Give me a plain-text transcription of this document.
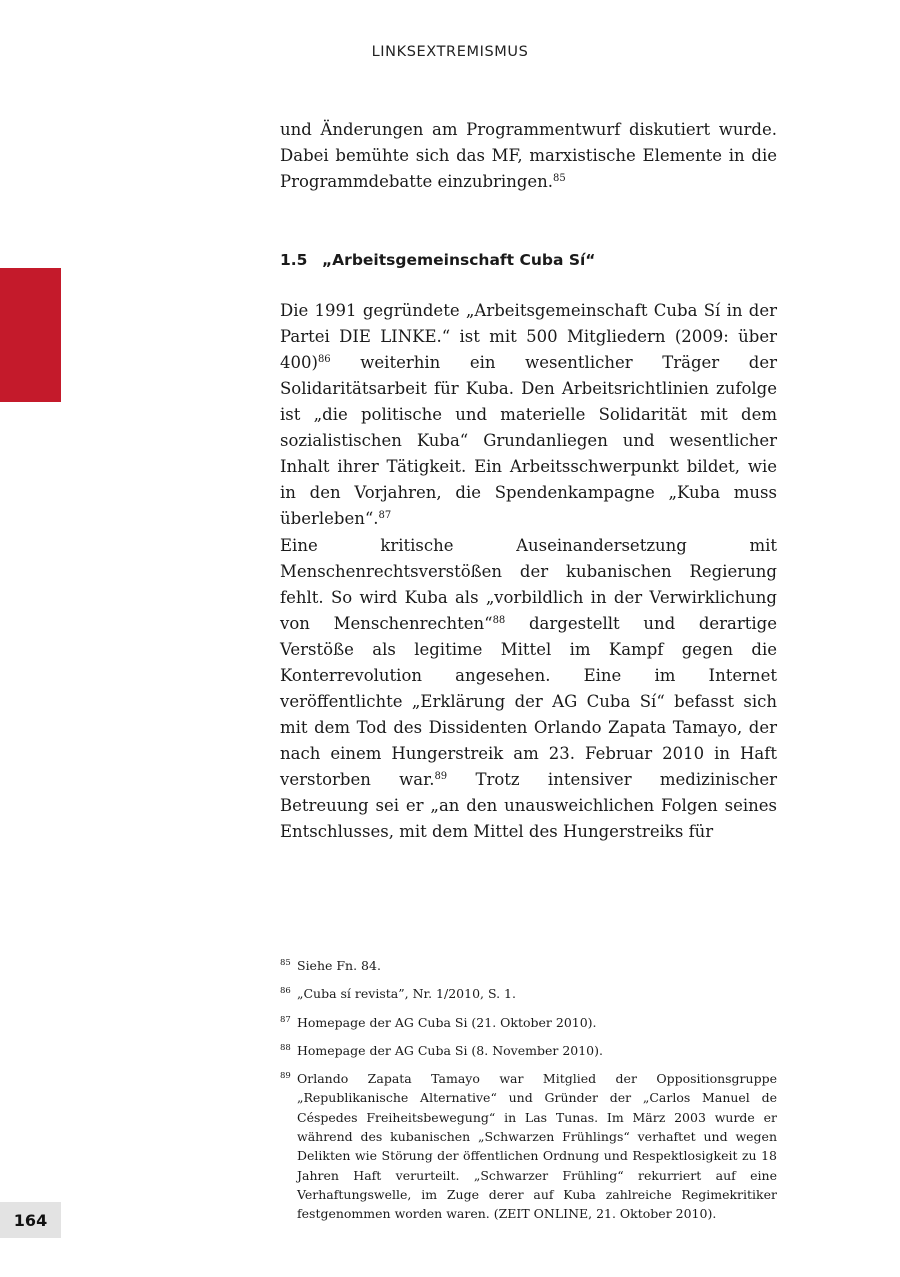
LINKSEXTREMISMUS

und Änderungen am Programmentwurf diskutiert wurde. Dabei bemühte sich das MF, marxistische Elemente in die Programmdebatte einzubringen.$^{85}$

1.5 „Arbeitsgemeinschaft Cuba Sí“

Die 1991 gegründete „Arbeitsgemeinschaft Cuba Sí in der Partei DIE LINKE.“ ist mit 500 Mitgliedern (2009: über 400)$^{86}$ weiterhin ein wesentlicher Träger der Solidaritätsarbeit für Kuba. Den Arbeitsrichtlinien zufolge ist „die politische und materielle Solidarität mit dem sozialistischen Kuba“ Grundanliegen und wesentlicher Inhalt ihrer Tätigkeit. Ein Arbeitsschwerpunkt bildet, wie in den Vorjahren, die Spendenkampagne „Kuba muss überleben“.$^{87}$

Eine kritische Auseinandersetzung mit Menschenrechtsverstößen der kubanischen Regierung fehlt. So wird Kuba als „vorbildlich in der Verwirklichung von Menschenrechten“$^{88}$ dargestellt und derartige Verstöße als legitime Mittel im Kampf gegen die Konterrevolution angesehen. Eine im Internet veröffentlichte „Erklärung der AG Cuba Sí“ befasst sich mit dem Tod des Dissidenten Orlando Zapata Tamayo, der nach einem Hungerstreik am 23. Februar 2010 in Haft verstorben war.$^{89}$ Trotz intensiver medizinischer Betreuung sei er „an den unausweichlichen Folgen seines Entschlusses, mit dem Mittel des Hungerstreiks für

85 Siehe Fn. 84.
86 „Cuba sí revista”, Nr. 1/2010, S. 1.
87 Homepage der AG Cuba Si (21. Oktober 2010).
88 Homepage der AG Cuba Si (8. November 2010).
89 Orlando Zapata Tamayo war Mitglied der Oppositionsgruppe „Republikanische Alternative“ und Gründer der „Carlos Manuel de Céspedes Freiheitsbewegung“ in Las Tunas. Im März 2003 wurde er während des kubanischen „Schwarzen Frühlings“ verhaftet und wegen Delikten wie Störung der öffentlichen Ordnung und Respektlosigkeit zu 18 Jahren Haft verurteilt. „Schwarzer Frühling“ rekurriert auf eine Verhaftungswelle, im Zuge derer auf Kuba zahlreiche Regimekritiker festgenommen worden waren. (ZEIT ONLINE, 21. Oktober 2010).
164
